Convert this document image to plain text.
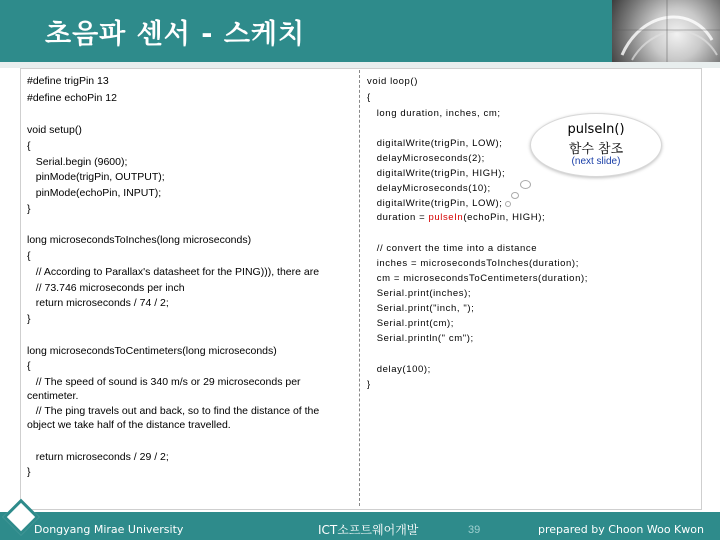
초음파 센서 - 스케치
#define trigPin 13
#define echoPin 12
void setup()
{
Serial.begin (9600);
pinMode(trigPin, OUTPUT);
pinMode(echoPin, INPUT);
}
long microsecondsToInches(long microseconds)
{
// According to Parallax's datasheet for the PING))), there are
// 73.746 microseconds per inch
return microseconds / 74 / 2;
}
long microsecondsToCentimeters(long microseconds)
{
// The speed of sound is 340 m/s or 29 microseconds per
centimeter.
// The ping travels out and back, so to find the distance of the
object we take half of the distance travelled.
return microseconds / 29 / 2;
}
void loop()
{
long duration, inches, cm;
digitalWrite(trigPin, LOW);
delayMicroseconds(2);
digitalWrite(trigPin, HIGH);
delayMicroseconds(10);
digitalWrite(trigPin, LOW);
duration = pulseIn(echoPin, HIGH);
// convert the time into a distance
inches = microsecondsToInches(duration);
cm = microsecondsToCentimeters(duration);
Serial.print(inches);
Serial.print("inch, ");
Serial.print(cm);
Serial.println(" cm");
delay(100);
}
pulseIn()
함수 참조
(next slide)
Dongyang Mirae University	ICT소프트웨어개발	39	prepared by Choon Woo Kwon
